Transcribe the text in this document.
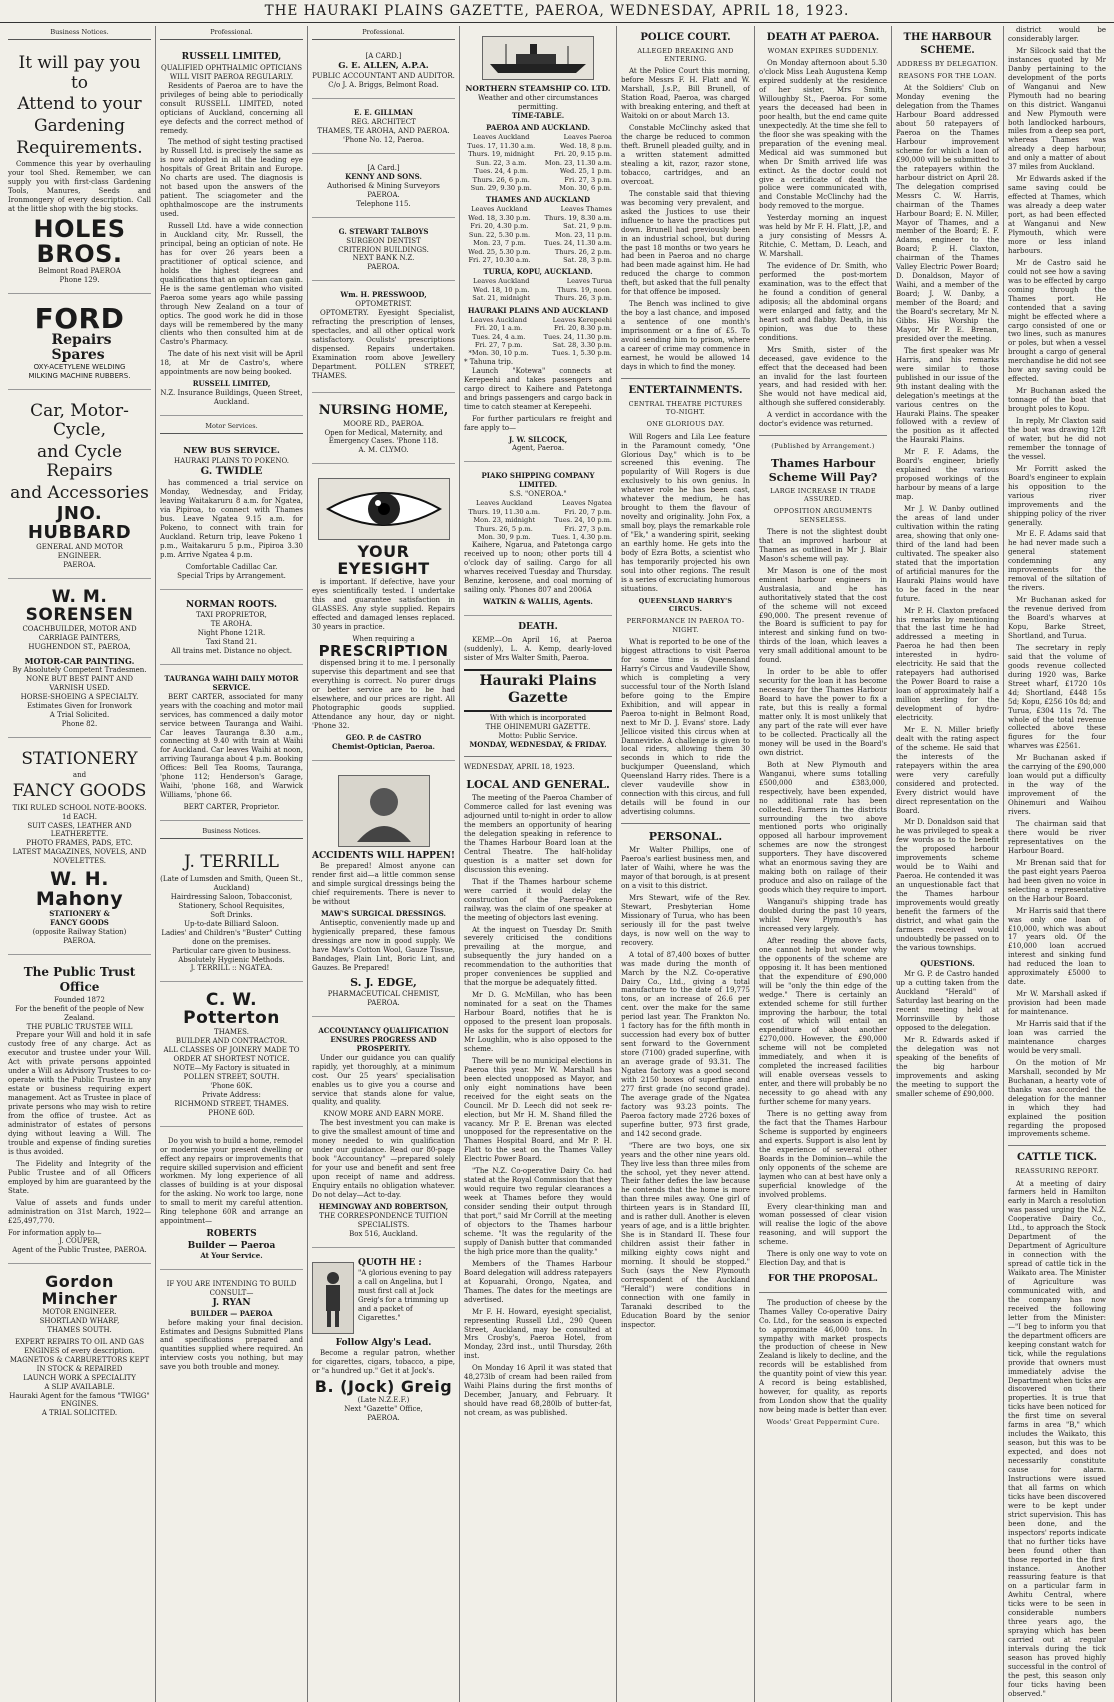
THE HAURAKI PLAINS GAZETTE, PAEROA, WEDNESDAY, APRIL 18, 1923.
Business Notices.
It will pay you to
Attend to your
Gardening
Requirements.

Commence this year by overhauling your tool Shed. Remember, we can supply you with first-class Gardening Tools, Manures, Seeds and Ironmongery of every description. Call at the little shop with the big stocks.

HOLES BROS.
Belmont Road PAEROA
Phone 129.
FORD Repairs
Spares
OXY-ACETYLENE WELDING
MILKING MACHINE RUBBERS.
Car, Motor-Cycle,
and Cycle Repairs
and Accessories
JNO. HUBBARD
GENERAL AND MOTOR
ENGINEER.
PAEROA.
W. M. SORENSEN
COACHBUILDER, MOTOR AND
CARRIAGE PAINTERS,
HUGHENDON ST., PAEROA,
MOTOR-CAR PAINTING.
By Absolutely Competent Tradesmen.
NONE BUT BEST PAINT AND VARNISH USED.
HORSE-SHOEING A SPECIALTY.
Estimates Given for Ironwork
A Trial Solicited.
Phone 82.
STATIONERY
and
FANCY GOODS
TIKI RULED SCHOOL NOTE-BOOKS. 1d EACH.
SUIT CASES, LEATHER AND LEATHERETTE.
PHOTO FRAMES, PADS, ETC.
LATEST MAGAZINES, NOVELS, AND NOVELETTES.
W. H. Mahony
STATIONERY &
FANCY GOODS
(opposite Railway Station)
PAEROA.
The Public Trust Office
Founded 1872
For the benefit of the people of New Zealand.
THE PUBLIC TRUSTEE WILL

Prepare your Will and hold it in safe custody free of any charge. Act as executor and trustee under your Will. Act with private persons appointed under a Will as Advisory Trustees to co-operate with the Public Trustee in any estate or business requiring expert management. Act as Trustee in place of private persons who may wish to retire from the office of trustee. Act as administrator of estates of persons dying without leaving a Will. The trouble and expense of finding sureties is thus avoided.

The Fidelity and Integrity of the Public Trustee and of all Officers employed by him are guaranteed by the State.

Value of assets and funds under administration on 31st March, 1922—£25,497,770.

For information apply to—
J. COUPER,
Agent of the Public Trustee, PAEROA.
Gordon Mincher
MOTOR ENGINEER.
SHORTLAND WHARF,
THAMES SOUTH.
EXPERT REPAIRS TO OIL AND GAS ENGINES of every description.
MAGNETOS & CARBURETTORS KEPT IN STOCK & REPAIRED
LAUNCH WORK A SPECIALITY
A SLIP AVAILABLE.
Hauraki Agent for the famous "TWIGG" ENGINES.
A TRIAL SOLICITED.
Professional.
RUSSELL LIMITED,
QUALIFIED OPHTHALMIC OPTICIANS
WILL VISIT PAEROA REGULARLY.

Residents of Paeroa are to have the privileges of being able to periodically consult RUSSELL LIMITED, noted opticians of Auckland, concerning all eye defects and the correct method of remedy.

The method of sight testing practised by Russell Ltd. is precisely the same as is now adopted in all the leading eye hospitals of Great Britain and Europe. No charts are used. The diagnosis is not based upon the answers of the patient. The sciagometer and the ophthalmoscope are the instruments used.

Russell Ltd. have a wide connection in Auckland city, Mr. Russell, the principal, being an optician of note. He has for over 26 years been a practitioner of optical science, and holds the highest degrees and qualifications that an optician can gain. He is the same gentleman who visited Paeroa some years ago while passing through New Zealand on a tour of optics. The good work he did in those days will be remembered by the many clients who then consulted him at de Castro's Pharmacy.

The date of his next visit will be April 18, at Mr de Castro's, where appointments are now being booked.

RUSSELL LIMITED,
N.Z. Insurance Buildings, Queen Street, Auckland.
Motor Services.
NEW BUS SERVICE.
HAURAKI PLAINS TO POKENO.
G. TWIDLE

has commenced a trial service on Monday, Wednesday, and Friday, leaving Waitakaruru 8 a.m. for Ngatea, via Pipiroa, to connect with Thames bus. Leave Ngatea 9.15 a.m. for Pokeno, to connect with train for Auckland. Return trip, leave Pokeno 1 p.m., Waitakaruru 5 p.m., Pipiroa 3.30 p.m. Arrive Ngatea 4 p.m.

Comfortable Cadillac Car.
Special Trips by Arrangement.
NORMAN ROOTS.
TAXI PROPRIETOR,
TE AROHA.
Night Phone 121R.
Taxi Stand 21.
All trains met. Distance no object.
TAURANGA WAIHI DAILY MOTOR SERVICE.

BERT CARTER, associated for many years with the coaching and motor mail services, has commenced a daily motor service between Tauranga and Waihi. Car leaves Tauranga 8.30 a.m., connecting at 9.40 with train at Waihi for Auckland. Car leaves Waihi at noon, arriving Tauranga about 4 p.m. Booking Offices: Bell Tea Rooms, Tauranga, 'phone 112; Henderson's Garage, Waihi, 'phone 168, and Warwick Williams, 'phone 66.

BERT CARTER, Proprietor.
Business Notices.
J. TERRILL
(Late of Lumsden and Smith, Queen St., Auckland)
Hairdressing Saloon, Tobacconist,
Stationery, School Requisites,
Soft Drinks.
Up-to-date Billiard Saloon.
Ladies' and Children's "Buster" Cutting done on the premises.
Particular care given to business.
Absolutely Hygienic Methods.
J. TERRILL :: NGATEA.
C. W. Potterton
THAMES.
BUILDER AND CONTRACTOR.
ALL CLASSES OF JOINERY MADE TO ORDER AT SHORTEST NOTICE.
NOTE—My Factory is situated in POLLEN STREET, SOUTH.
'Phone 60K.
Private Address:
RICHMOND STREET, THAMES.
PHONE 60D.

Do you wish to build a home, remodel or modernise your present dwelling or effect any repairs or improvements that require skilled supervision and efficient workmen. My long experience of all classes of building is at your disposal for the asking. No work too large, none to small to merit my careful attention. Ring telephone 60R and arrange an appointment—

ROBERTS
Builder — Paeroa
At Your Service.
IF YOU ARE INTENDING TO BUILD CONSULT—
J. RYAN
BUILDER — PAEROA

before making your final decision. Estimates and Designs Submitted Plans and specifications prepared and quantities supplied where required. An interview costs you nothing, but may save you both trouble and money.

Professional.
[A CARD.]
G. E. ALLEN, A.P.A.
PUBLIC ACCOUNTANT AND AUDITOR.
C/o J. A. Briggs, Belmont Road.
E. E. GILLMAN
REG. ARCHITECT
THAMES, TE AROHA, AND PAEROA.
'Phone No. 12, Paeroa.
[A Card.]
KENNY AND SONS.
Authorised & Mining Surveyors PAEROA.
Telephone 115.
G. STEWART TALBOYS
SURGEON DENTIST
CRITERION BUILDINGS.
NEXT BANK N.Z.
PAEROA.
Wm. H. PRESSWOOD,
OPTOMETRIST.

OPTOMETRY. Eyesight Specialist, refracting the prescription of lenses, spectacles, and all other optical work satisfactory. Oculists' prescriptions dispensed. Repairs undertaken. Examination room above Jewellery Department. POLLEN STREET, THAMES.

NURSING HOME,
MOORE RD., PAEROA.
Open for Medical, Maternity, and Emergency Cases. 'Phone 118.
A. M. CLYMO.
YOUR EYESIGHT

is important. If defective, have your eyes scientifically tested. I undertake this and guarantee satisfaction in GLASSES. Any style supplied. Repairs effected and damaged lenses replaced. 30 years in practice.

When requiring a
PRESCRIPTION

dispensed bring it to me. I personally supervise this department and see that everything is correct. No purer drugs or better service are to be had elsewhere, and our prices are right. All Photographic goods supplied. Attendance any hour, day or night. 'Phone 32.

GEO. P. de CASTRO
Chemist-Optician, Paeroa.
ACCIDENTS WILL HAPPEN!

Be prepared! Almost anyone can render first aid—a little common sense and simple surgical dressings being the chief requirements. There is never to be without

MAW'S SURGICAL DRESSINGS.

Antiseptic, conveniently made up and hygienically prepared, these famous dressings are now in good supply. We have Maw's Cotton Wool, Gauze Tissue, Bandages, Plain Lint, Boric Lint, and Gauzes. Be Prepared!

S. J. EDGE,
PHARMACEUTICAL CHEMIST,
PAEROA.
ACCOUNTANCY QUALIFICATION ENSURES PROGRESS AND PROSPERITY.

Under our guidance you can qualify rapidly, yet thoroughly, at a minimum cost. Our 25 years' specialisation enables us to give you a course and service that stands alone for value, quality, and quality.

KNOW MORE AND EARN MORE.

The best investment you can make is to give the smallest amount of time and money needed to win qualification under our guidance. Read our 80-page book "Accountancy" —prepared solely for your use and benefit and sent free upon receipt of name and address. Enquiry entails no obligation whatever. Do not delay—Act to-day.

HEMINGWAY AND ROBERTSON,
THE CORRESPONDENCE TUITION SPECIALISTS.
Box 516, Auckland.
QUOTH HE :
"A glorious evening to pay a call on Angelina, but I must first call at Jock Greig's for a trimming up and a packet of Cigarettes."
Follow Algy's Lead.

Become a regular patron, whether for cigarettes, cigars, tobacco, a pipe, or "a hundred up." Get it at Jock's.

B. (Jock) Greig
(Late N.Z.E.F.)
Next "Gazette" Office,
PAEROA.
NORTHERN STEAMSHIP CO. LTD.
Weather and other circumstances permitting.
TIME-TABLE.
PAEROA AND AUCKLAND.
Leaves Auckland	Leaves Paeroa
Tues. 17, 11.30 a.m.	Wed. 18, 8 p.m.
Thurs. 19, midnight	Fri. 20, 9.15 p.m.
Sun. 22, 3 a.m.	Mon. 23, 11.30 a.m.
Tues. 24, 4 p.m.	Wed. 25, 1 p.m.
Thurs. 26, 6 p.m.	Fri. 27, 3 p.m.
Sun. 29, 9.30 p.m.	Mon. 30, 6 p.m.
THAMES AND AUCKLAND
Leaves Auckland	Leaves Thames
Wed. 18, 3.30 p.m.	Thurs. 19, 8.30 a.m.
Fri. 20, 4.30 p.m.	Sat. 21, 9 p.m.
Sun. 22, 5.30 p.m.	Mon. 23, 11 p.m.
Mon. 23, 7 p.m.	Tues. 24, 11.30 a.m.
Wed. 25, 5.30 p.m.	Thurs. 26, 2 p.m.
Fri. 27, 10.30 a.m.	Sat. 28, 3 p.m.
TURUA, KOPU, AUCKLAND.
Leaves Auckland	Leaves Turua
Wed. 18, 10 p.m.	Thurs. 19, noon.
Sat. 21, midnight	Thurs. 26, 3 p.m.
HAURAKI PLAINS AND AUCKLAND
Leaves Auckland	Leaves Kerepeehi
Fri. 20, 1 a.m.	Fri. 20, 8.30 p.m.
Tues. 24, 4 a.m.	Tues. 24, 11.30 p.m.
Fri. 27, 7 p.m.	Sat. 28, 3.30 p.m.
*Mon. 30, 10 p.m.	Tues. 1, 5.30 p.m.
* Tahuna trip.

Launch "Kotewa" connects at Kerepeehi and takes passengers and cargo direct to Kaihere and Patetonga and brings passengers and cargo back in time to catch steamer at Kerepeehi.

For further particulars re freight and fare apply to—

J. W. SILCOCK,
Agent, Paeroa.
PIAKO SHIPPING COMPANY LIMITED.
S.S. "ONEROA."
Leaves Auckland	Leaves Ngatea
Thurs. 19, 11.30 a.m.	Fri. 20, 7 p.m.
Mon. 23, midnight	Tues. 24, 10 p.m.
Thurs. 26, 5 p.m.	Fri. 27, 3 p.m.
Mon. 30, 9 p.m.	Tues. 1, 4.30 p.m.

Kaihere, Ngarua, and Patetonga cargo received up to noon; other ports till 4 o'clock day of sailing. Cargo for all wharves received Tuesday and Thursday. Benzine, kerosene, and coal morning of sailing only. 'Phones 807 and 2006A

WATKIN & WALLIS, Agents.
DEATH.

KEMP.—On April 16, at Paeroa (suddenly), L. A. Kemp, dearly-loved sister of Mrs Walter Smith, Paeroa.

Hauraki Plains Gazette
With which is incorporated
THE OHINEMURI GAZETTE.
Motto: Public Service.
MONDAY, WEDNESDAY, & FRIDAY.
WEDNESDAY, APRIL 18, 1923.
LOCAL AND GENERAL.

The meeting of the Paeroa Chamber of Commerce called for last evening was adjourned until to-night in order to allow the members an opportunity of hearing the delegation speaking in reference to the Thames Harbour Board loan at the Central Theatre. The half-holiday question is a matter set down for discussion this evening.

That if the Thames harbour scheme were carried it would delay the construction of the Paeroa-Pokeno railway, was the claim of one speaker at the meeting of objectors last evening.

At the inquest on Tuesday Dr. Smith severely criticised the conditions prevailing at the morgue, and subsequently the jury handed on a recommendation to the authorities that proper conveniences be supplied and that the morgue be adequately fitted.

Mr D. G. McMillan, who has been nominated for a seat on the Thames Harbour Board, notifies that he is opposed to the present loan proposals. He asks for the support of electors for Mr Loughlin, who is also opposed to the scheme.

There will be no municipal elections in Paeroa this year. Mr W. Marshall has been elected unopposed as Mayor, and only eight nominations have been received for the eight seats on the Council. Mr D. Leech did not seek re-election, but Mr H. M. Shand filled the vacancy. Mr P. E. Brenan was elected unopposed for the representative on the Thames Hospital Board, and Mr P. H. Flatt to the seat on the Thames Valley Electric Power Board.

"The N.Z. Co-operative Dairy Co. had stated at the Royal Commission that they would require two regular clearances a week at Thames before they would consider sending their output through that port," said Mr Corrill at the meeting of objectors to the Thames harbour scheme. "It was the regularity of the supply of Danish butter that commanded the high price more than the quality."

Members of the Thames Harbour Board delegation will address ratepayers at Kopuarahi, Orongo, Ngatea, and Thames. The dates for the meetings are advertised.

Mr F. H. Howard, eyesight specialist, representing Russell Ltd., 290 Queen Street, Auckland, may be consulted at Mrs Crosby's, Paeroa Hotel, from Monday, 23rd inst., until Thursday, 26th inst.

On Monday 16 April it was stated that 48,273lb of cream had been railed from Waihi Plains during the first months of December, January, and February. It should have read 68,280lb of butter-fat, not cream, as was published.

POLICE COURT.
ALLEGED BREAKING AND ENTERING.

At the Police Court this morning, before Messrs F. H. Flatt and W. Marshall, J.s.P., Bill Brunell, of Station Road, Paeroa, was charged with breaking entering, and theft at Waitoki on or about March 13.

Constable McClinchy asked that the charge be reduced to common theft. Brunell pleaded guilty, and in a written statement admitted stealing a kit, razor, razor stone, tobacco, cartridges, and an overcoat.

The constable said that thieving was becoming very prevalent, and asked the Justices to use their influence to have the practices put down. Brunell had previously been in an industrial school, but during the past 18 months or two years he had been in Paeroa and no charge had been made against him. He had reduced the charge to common theft, but asked that the full penalty for that offence be imposed.

The Bench was inclined to give the boy a last chance, and imposed a sentence of one month's imprisonment or a fine of £5. To avoid sending him to prison, where a career of crime may commence in earnest, he would be allowed 14 days in which to find the money.

ENTERTAINMENTS.
CENTRAL THEATRE PICTURES TO-NIGHT.
ONE GLORIOUS DAY.

Will Rogers and Lila Lee feature in the Paramount comedy, "One Glorious Day," which is to be screened this evening. The popularity of Will Rogers is due exclusively to his own genius. In whatever role he has been cast, whatever the medium, he has brought to them the flavour of novelty and originality. John Fox, a small boy, plays the remarkable role of "Ek," a wandering spirit, seeking an earthly home. He gets into the body of Ezra Botts, a scientist who has temporarily projected his own soul into other regions. The result is a series of excruciating humorous situations.

QUEENSLAND HARRY'S CIRCUS.
PERFORMANCE IN PAEROA TO-NIGHT.

What is reported to be one of the biggest attractions to visit Paeroa for some time is Queensland Harry's Circus and Vaudeville Show, which is completing a very successful tour of the North Island before going to the Empire Exhibition, and will appear in Paeroa to-night in Belmont Road, next to Mr D. J. Evans' store. Lady Jellicoe visited this circus when at Dannevirke. A challenge is given to local riders, allowing them 30 seconds in which to ride the buckjumper Queensland, which Queensland Harry rides. There is a clever vaudeville show in connection with this circus, and full details will be found in our advertising columns.

PERSONAL.

Mr Walter Phillips, one of Paeroa's earliest business men, and later of Waihi, where he was the mayor of that borough, is at present on a visit to this district.

Mrs Stewart, wife of the Rev. Stewart, Presbyterian Home Missionary of Turua, who has been seriously ill for the past twelve days, is now well on the way to recovery.

A total of 87,400 boxes of butter was made during the month of March by the N.Z. Co-operative Dairy Co., Ltd., giving a total manufacture to the date of 19,775 tons, or an increase of 26.6 per cent. over the make for the same period last year. The Frankton No. 1 factory has for the fifth month in succession had every box of butter sent forward to the Government store (7100) graded superfine, with an average grade of 93.31. The Ngatea factory was a good second with 2150 boxes of superfine and 277 first grade (no second grade). The average grade of the Ngatea factory was 93.23 points. The Paeroa factory made 2726 boxes of superfine butter, 973 first grade, and 142 second grade.

"There are two boys, one six years and the other nine years old. They live less than three miles from the school, yet they never attend. Their father defies the law because he contends that the home is more than three miles away. One girl of thirteen years is in Standard III, and is rather dull. Another is eleven years of age, and is a little brighter. She is in Standard II. These four children assist their father in milking eighty cows night and morning. It should be stopped." Such (says the New Plymouth correspondent of the Auckland "Herald") were conditions in connection with one family in Taranaki described to the Education Board by the senior inspector.

DEATH AT PAEROA.
WOMAN EXPIRES SUDDENLY.

On Monday afternoon about 5.30 o'clock Miss Leah Augustena Kemp expired suddenly at the residence of her sister, Mrs Smith, Willoughby St., Paeroa. For some years the deceased had been in poor health, but the end came quite unexpectedly. At the time she fell to the floor she was speaking with the preparation of the evening meal. Medical aid was summoned but when Dr Smith arrived life was extinct. As the doctor could not give a certificate of death the police were communicated with, and Constable McClinchy had the body removed to the morgue.

Yesterday morning an inquest was held by Mr F. H. Flatt, J.P., and a jury consisting of Messrs A. Ritchie, C. Mettam, D. Leach, and W. Marshall.

The evidence of Dr. Smith, who performed the post-mortem examination, was to the effect that he found a condition of general adiposis; all the abdominal organs were enlarged and fatty, and the heart soft and flabby. Death, in his opinion, was due to these conditions.

Mrs Smith, sister of the deceased, gave evidence to the effect that the deceased had been an invalid for the last fourteen years, and had resided with her. She would not have medical aid, although she suffered considerably.

A verdict in accordance with the doctor's evidence was returned.

(Published by Arrangement.)
Thames Harbour Scheme Will Pay?
LARGE INCREASE IN TRADE ASSURED.
OPPOSITION ARGUMENTS SENSELESS.

There is not the slightest doubt that an improved harbour at Thames as outlined in Mr J. Blair Mason's scheme will pay.

Mr Mason is one of the most eminent harbour engineers in Australasia, and he has authoritatively stated that the cost of the scheme will not exceed £90,000. The present revenue of the Board is sufficient to pay for interest and sinking fund on two-thirds of the loan, which leaves a very small additional amount to be found.

In order to be able to offer security for the loan it has become necessary for the Thames Harbour Board to have the power to fix a rate, but this is really a formal matter only. It is most unlikely that any part of the rate will ever have to be collected. Practically all the money will be used in the Board's own district.

Both at New Plymouth and Wanganui, where sums totalling £500,000 and £383,000, respectively, have been expended, no additional rate has been collected. Farmers in the districts surrounding the two above mentioned ports who originally opposed all harbour improvement schemes are now the strongest supporters. They have discovered what an enormous saving they are making both on railage of their produce and also on railage of the goods which they require to import.

Wanganui's shipping trade has doubled during the past 10 years, whilst New Plymouth's has increased very largely.

After reading the above facts, one cannot help but wonder why the opponents of the scheme are opposing it. It has been mentioned that the expenditure of £90,000 will be "only the thin edge of the wedge." There is certainly an extended scheme for still further improving the harbour, the total cost of which will entail an expenditure of about another £270,000. However, the £90,000 scheme will not be completed immediately, and when it is completed the increased facilities will enable overseas vessels to enter, and there will probably be no necessity to go ahead with any further scheme for many years.

There is no getting away from the fact that the Thames Harbour Scheme is supported by engineers and experts. Support is also lent by the experience of several other Boards in the Dominion—while the only opponents of the scheme are laymen who can at best have only a superficial knowledge of the involved problems.

Every clear-thinking man and woman possessed of clear vision will realise the logic of the above reasoning, and will support the scheme.

There is only one way to vote on Election Day, and that is

FOR THE PROPOSAL.

The production of cheese by the Thames Valley Co-operative Dairy Co. Ltd., for the season is expected to approximate 46,000 tons. In sympathy with market prospects the production of cheese in New Zealand is likely to decline, and the records will be established from the quantity point of view this year. A record is being established, however, for quality, as reports from London show that the quality now being made is better than ever.

Woods' Great Peppermint Cure.
THE HARBOUR SCHEME.
ADDRESS BY DELEGATION.
REASONS FOR THE LOAN.

At the Soldiers' Club on Monday evening the delegation from the Thames Harbour Board addressed about 50 ratepayers of Paeroa on the Thames Harbour improvement scheme for which a loan of £90,000 will be submitted to the ratepayers within the harbour district on April 28. The delegation comprised Messrs C. W. Harris, chairman of the Thames Harbour Board; E. N. Miller, Mayor of Thames, and a member of the Board; E. F. Adams, engineer to the Board; P. H. Claxton, chairman of the Thames Valley Electric Power Board; D. Donaldson, Mayor of Waihi, and a member of the Board; J. W. Danby, a member of the Board; and the Board's secretary, Mr N. Gibbs. His Worship the Mayor, Mr P. E. Brenan, presided over the meeting.

The first speaker was Mr Harris, and his remarks were similar to those published in our issue of the 9th instant dealing with the delegation's meetings at the various centres on the Hauraki Plains. The speaker followed with a review of the position as it affected the Hauraki Plains.

Mr F. F. Adams, the Board's engineer, briefly explained the various proposed workings of the harbour by means of a large map.

Mr J. W. Danby outlined the areas of land under cultivation within the rating area, showing that only one-third of the land had been cultivated. The speaker also stated that the importation of artificial manures for the Hauraki Plains would have to be faced in the near future.

Mr P. H. Claxton prefaced his remarks by mentioning that the last time he had addressed a meeting in Paeroa he had then been interested in hydro-electricity. He said that the ratepayers had authorised the Power Board to raise a loan of approximately half a million sterling for the development of hydro-electricity.

Mr E. N. Miller briefly dealt with the rating aspect of the scheme. He said that the interests of the ratepayers within the area were very carefully considered and protected. Every district would have direct representation on the Board.

Mr D. Donaldson said that he was privileged to speak a few words as to the benefit the proposed harbour improvements scheme would be to Waihi and Paeroa. He contended it was an unquestionable fact that the Thames harbour improvements would greatly benefit the farmers of the district, and what gain the farmers received would undoubtedly be passed on to the various townships.

QUESTIONS.

Mr G. P. de Castro handed up a cutting taken from the Auckland "Herald" of Saturday last bearing on the recent meeting held at Morrinsville by those opposed to the delegation.

Mr R. Edwards asked if the delegation was not speaking of the benefits of the big harbour improvements and asking the meeting to support the smaller scheme of £90,000.

district would be considerably larger.

Mr Silcock said that the instances quoted by Mr Danby pertaining to the development of the ports of Wanganui and New Plymouth had no bearing on this district. Wanganui and New Plymouth were both landlocked harbours, miles from a deep sea port, whereas Thames was already a deep harbour, and only a matter of about 37 miles from Auckland.

Mr Edwards asked if the same saving could be effected at Thames, which was already a deep water port, as had been effected at Wanganui and New Plymouth, which were more or less inland harbours.

Mr de Castro said he could not see how a saving was to be effected by cargo coming through the Thames port. He contended that a saving might be effected where a cargo consisted of one or two lines, such as manures or poles, but when a vessel brought a cargo of general merchandise he did not see how any saving could be effected.

Mr Buchanan asked the tonnage of the boat that brought poles to Kopu.

In reply, Mr Claxton said the boat was drawing 12ft of water, but he did not remember the tonnage of the vessel.

Mr Forritt asked the Board's engineer to explain his opposition to the various river improvements and the shipping policy of the river generally.

Mr E. F. Adams said that he had never made such a general statement condemning any improvements for the removal of the siltation of the rivers.

Mr Buchanan asked for the revenue derived from the Board's wharves at Kopu, Barke Street, Shortland, and Turua.

The secretary in reply said that the volume of goods revenue collected during 1920 was, Barke Street wharf, £1720 10s 4d; Shortland, £448 15s 5d; Kopu, £256 10s 8d; and Turua, £304 11s 7d. The whole of the total revenue collected above these figures for the four wharves was £2561.

Mr Buchanan asked if the carrying of the £90,000 loan would put a difficulty in the way of the improvement of the Ohinemuri and Waihou rivers.

The chairman said that there would be river representatives on the Harbour Board.

Mr Brenan said that for the past eight years Paeroa had been given no voice in selecting a representative on the Harbour Board.

Mr Harris said that there was only one loan of £10,000, which was about 17 years old. Of the £10,000 loan accrued interest and sinking fund had reduced the loan to approximately £5000 to date.

Mr W. Marshall asked if provision had been made for maintenance.

Mr Harris said that if the loan was carried the maintenance charges would be very small.

On the motion of Mr Marshall, seconded by Mr Buchanan, a hearty vote of thanks was accorded the delegation for the manner in which they had explained the position regarding the proposed improvements scheme.

CATTLE TICK.
REASSURING REPORT.

At a meeting of dairy farmers held in Hamilton early in March a resolution was passed urging the N.Z. Cooperative Dairy Co., Ltd., to approach the Stock Department of the Department of Agriculture in connection with the spread of cattle tick in the Waikato area. The Minister of Agriculture was communicated with, and the company has now received the following letter from the Minister:—"I beg to inform you that the department officers are keeping constant watch for tick, while the regulations provide that owners must immediately advise the Department when ticks are discovered on their properties. It is true that ticks have been noticed for the first time on several farms in area "B," which includes the Waikato, this season, but this was to be expected, and does not necessarily constitute cause for alarm. Instructions were issued that all farms on which ticks have been discovered were to be kept under strict supervision. This has been done, and the inspectors' reports indicate that no further ticks have been found other than those reported in the first instance. Another reassuring feature is that on a particular farm in Awhitu Central, where ticks were to be seen in considerable numbers three years ago, the spraying which has been carried out at regular intervals during the tick season has proved highly successful in the control of the pest, this season only four ticks having been observed."
